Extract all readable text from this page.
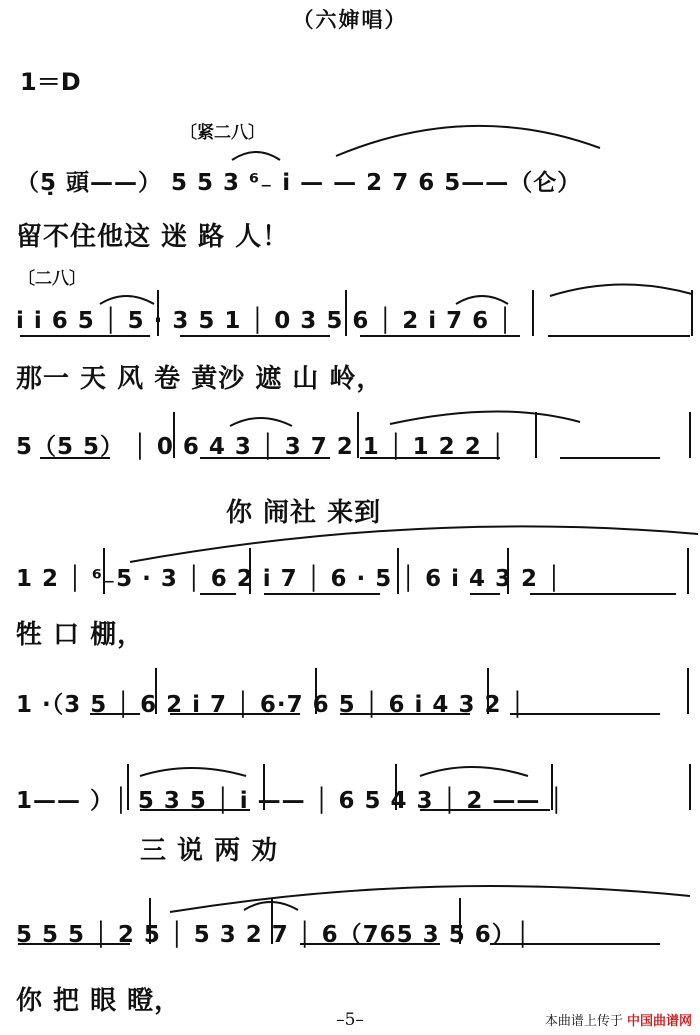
（六婶唱）
1＝D
〔紧二八〕
〔二八〕
（5̣ 頭——） 5 5 3 ⁶₋ i — — 2 7 6 5——（仑）
留不住他这 迷 路 人！
i i 6 5 │ 5 · 3 5 1 │ 0 3 5 6 │ 2 i 7 6 │
那一 天 风 卷 黄沙 遮 山 岭，
5（5 5） │ 0 6 4 3 │ 3 7 2 1 │ 1 2 2 │
你 闹社 来到
1 2 │ ⁶₋5 · 3 │ 6 2 i 7 │ 6 · 5 │ 6 i 4 3 2 │
牲 口 棚，
1 ·（3 5 │ 6 2 i 7 │ 6·7 6 5 │ 6 i 4 3 2 │
1—— ）│ 5 3 5 │ i —— │ 6 5 4 3 │ 2 —— │
三 说 两 劝
5 5 5 │ 2 5 │ 5 3 2 7 │ 6（765 3 5 6）│
你 把 眼 瞪，
–5–	本曲谱上传于 中国曲谱网
